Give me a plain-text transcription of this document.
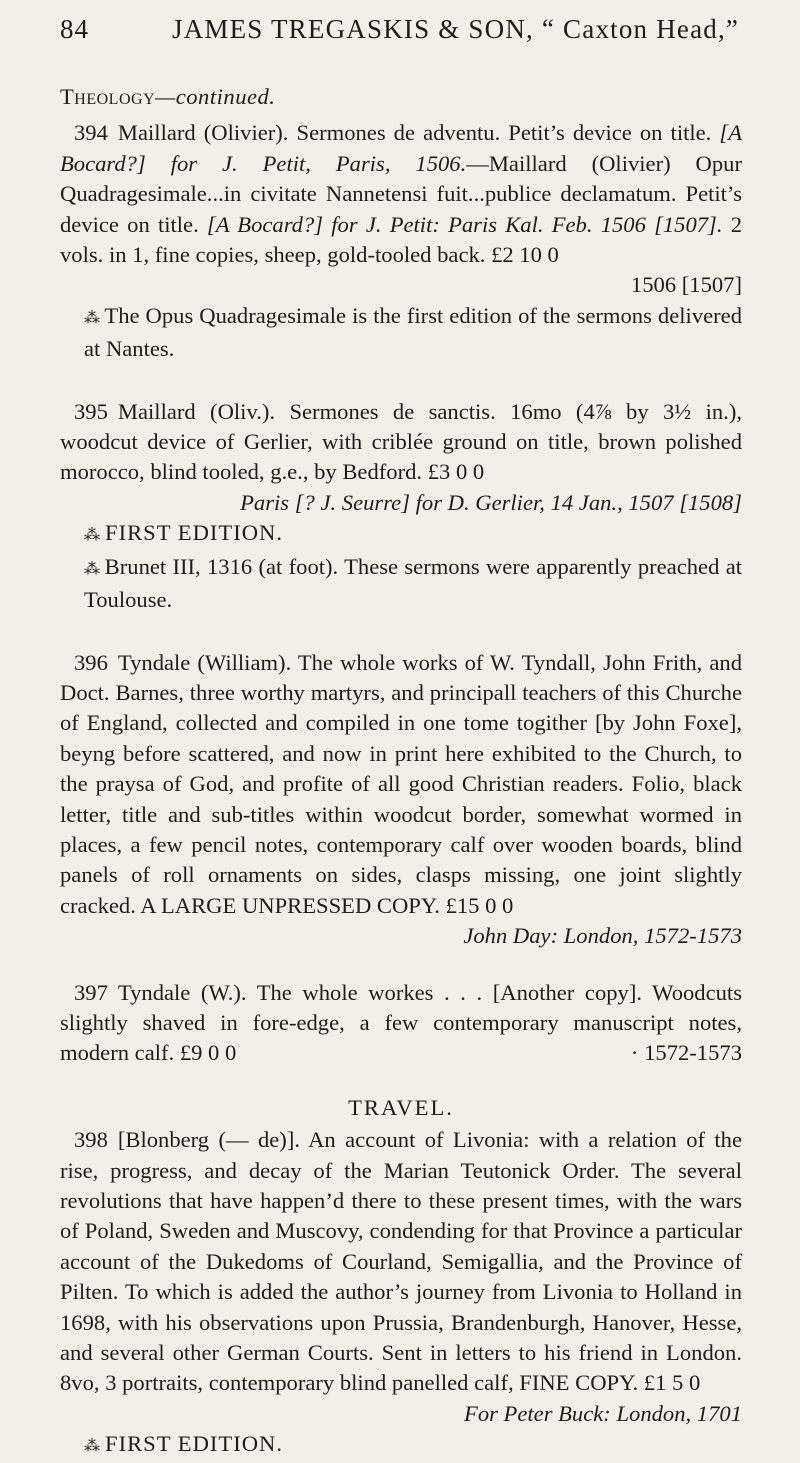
84	JAMES TREGASKIS & SON, “ Caxton Head,”
Theology—continued.

394 Maillard (Olivier). Sermones de adventu. Petit’s device on title. [A Bocard?] for J. Petit, Paris, 1506.—Maillard (Olivier) Opur Quadragesimale...in civitate Nannetensi fuit...publice declamatum. Petit’s device on title. [A Bocard?] for J. Petit: Paris Kal. Feb. 1506 [1507]. 2 vols. in 1, fine copies, sheep, gold-tooled back. £2 10 0

1506 [1507]

⁂ The Opus Quadragesimale is the first edition of the sermons delivered at Nantes.

395 Maillard (Oliv.). Sermones de sanctis. 16mo (4⅞ by 3½ in.), woodcut device of Gerlier, with criblée ground on title, brown polished morocco, blind tooled, g.e., by Bedford. £3 0 0

Paris [? J. Seurre] for D. Gerlier, 14 Jan., 1507 [1508]

⁂ FIRST EDITION.

⁂ Brunet III, 1316 (at foot). These sermons were apparently preached at Toulouse.

396 Tyndale (William). The whole works of W. Tyndall, John Frith, and Doct. Barnes, three worthy martyrs, and principall teachers of this Churche of England, collected and compiled in one tome togither [by John Foxe], beyng before scattered, and now in print here exhibited to the Church, to the praysa of God, and profite of all good Christian readers. Folio, black letter, title and sub-titles within woodcut border, somewhat wormed in places, a few pencil notes, contemporary calf over wooden boards, blind panels of roll ornaments on sides, clasps missing, one joint slightly cracked. A LARGE UNPRESSED COPY. £15 0 0

John Day: London, 1572-1573

397 Tyndale (W.). The whole workes . . . [Another copy]. Woodcuts slightly shaved in fore-edge, a few contemporary manuscript notes, modern calf. £9 0 0	· 1572-1573

TRAVEL.

398 [Blonberg (— de)]. An account of Livonia: with a relation of the rise, progress, and decay of the Marian Teutonick Order. The several revolutions that have happen’d there to these present times, with the wars of Poland, Sweden and Muscovy, condending for that Province a particular account of the Dukedoms of Courland, Semigallia, and the Province of Pilten. To which is added the author’s journey from Livonia to Holland in 1698, with his observations upon Prussia, Brandenburgh, Hanover, Hesse, and several other German Courts. Sent in letters to his friend in London. 8vo, 3 portraits, contemporary blind panelled calf, FINE COPY. £1 5 0

For Peter Buck: London, 1701

⁂ FIRST EDITION.
